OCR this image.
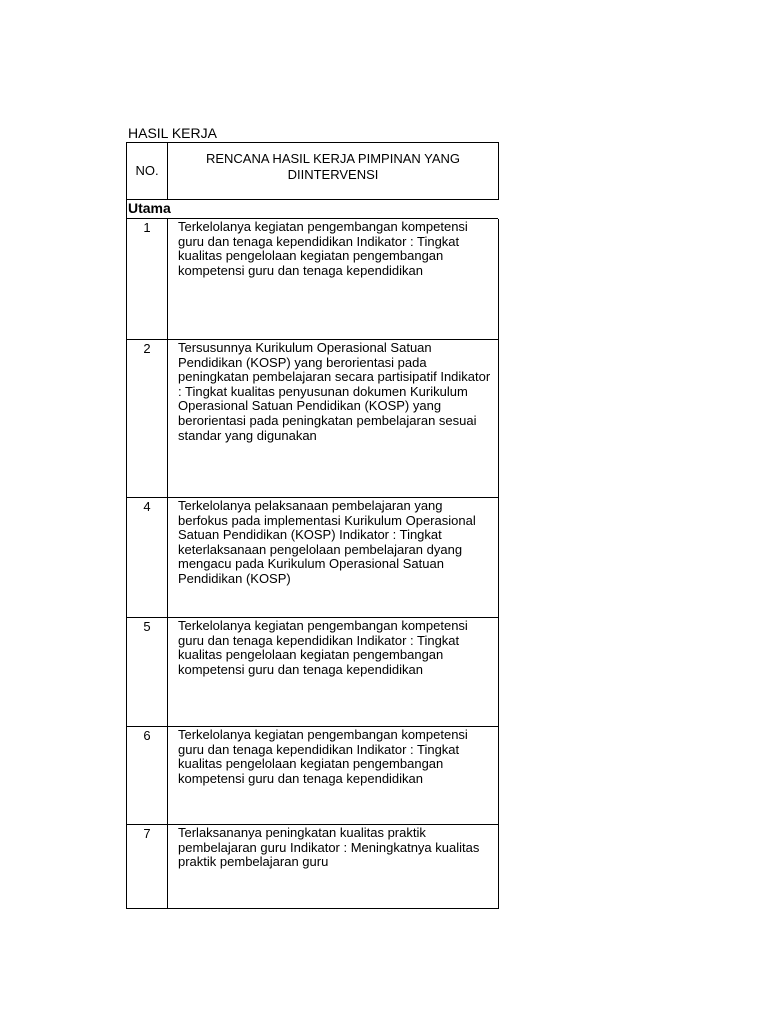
HASIL KERJA
NO.	RENCANA HASIL KERJA PIMPINAN YANG DIINTERVENSI
Utama	
1	Terkelolanya kegiatan pengembangan kompetensi guru dan tenaga kependidikan Indikator : Tingkat kualitas pengelolaan kegiatan pengembangan kompetensi guru dan tenaga kependidikan
2	Tersusunnya Kurikulum Operasional Satuan Pendidikan (KOSP) yang berorientasi pada peningkatan pembelajaran secara partisipatif Indikator : Tingkat kualitas penyusunan dokumen Kurikulum Operasional Satuan Pendidikan (KOSP) yang berorientasi pada peningkatan pembelajaran sesuai standar yang digunakan
4	Terkelolanya pelaksanaan pembelajaran yang berfokus pada implementasi Kurikulum Operasional Satuan Pendidikan (KOSP) Indikator : Tingkat keterlaksanaan pengelolaan pembelajaran dyang mengacu pada Kurikulum Operasional Satuan Pendidikan (KOSP)
5	Terkelolanya kegiatan pengembangan kompetensi guru dan tenaga kependidikan Indikator : Tingkat kualitas pengelolaan kegiatan pengembangan kompetensi guru dan tenaga kependidikan
6	Terkelolanya kegiatan pengembangan kompetensi guru dan tenaga kependidikan Indikator : Tingkat kualitas pengelolaan kegiatan pengembangan kompetensi guru dan tenaga kependidikan
7	Terlaksananya peningkatan kualitas praktik pembelajaran guru Indikator : Meningkatnya kualitas praktik pembelajaran guru
